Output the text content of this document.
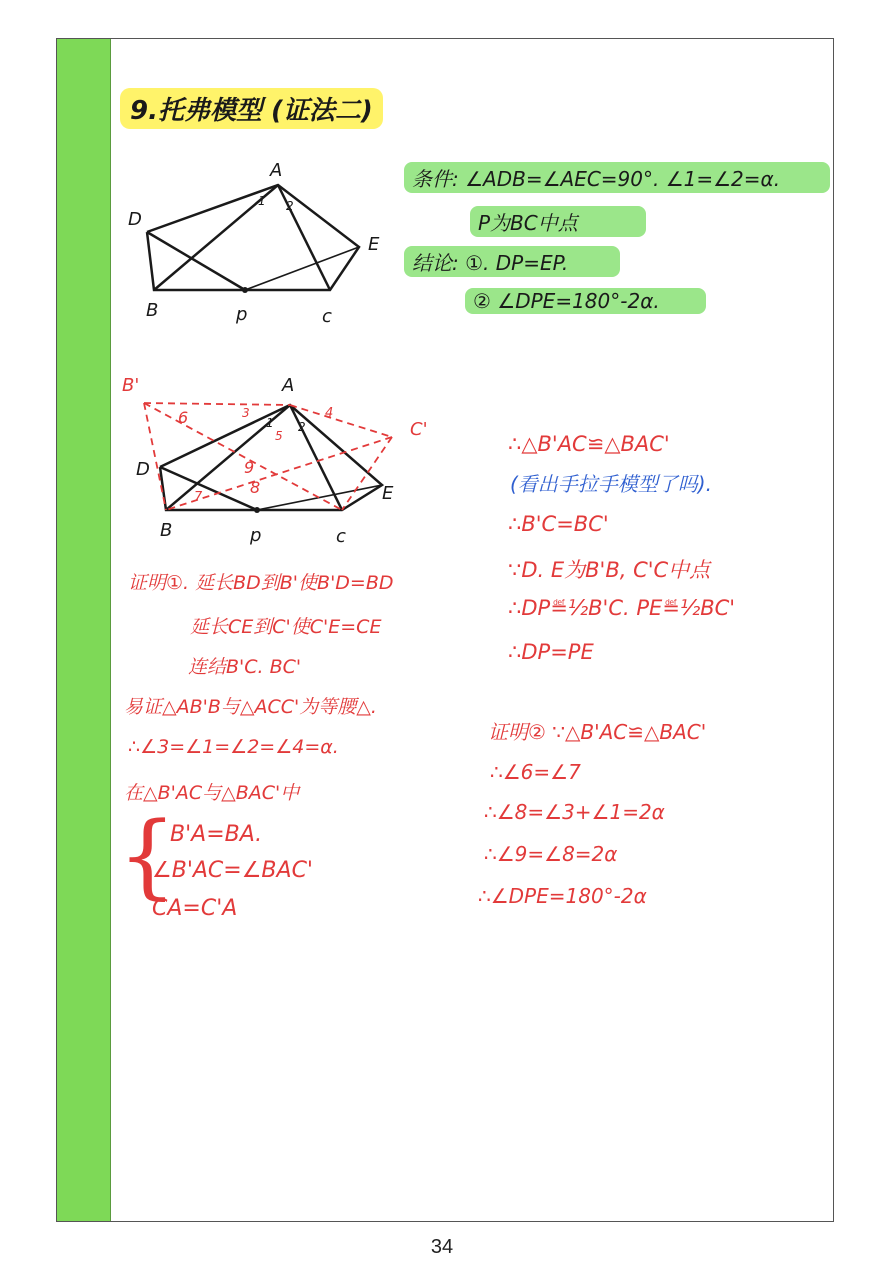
9.托弗模型 (证法二)
A
D
E
B	p	c
1 2
条件: ∠ADB=∠AEC=90°. ∠1=∠2=α.
P为BC中点
结论: ①. DP=EP.
② ∠DPE=180°-2α.
B'
C'
6	3
5
4
9
8
7
A
D
E
B	p	c
1 2
证明①. 延长BD到B'使B'D=BD
延长CE到C'使C'E=CE
连结B'C. BC'
易证△AB'B与△ACC'为等腰△.
∴∠3=∠1=∠2=∠4=α.
在△B'AC与△BAC'中
{
B'A=BA.
∠B'AC=∠BAC'
CA=C'A
∴△B'AC≌△BAC'
(看出手拉手模型了吗).
∴B'C=BC'
∵D. E为B'B, C'C中点
∴DP≝½B'C. PE≝½BC'
∴DP=PE
证明② ∵△B'AC≌△BAC'
∴∠6=∠7
∴∠8=∠3+∠1=2α
∴∠9=∠8=2α
∴∠DPE=180°-2α
34
